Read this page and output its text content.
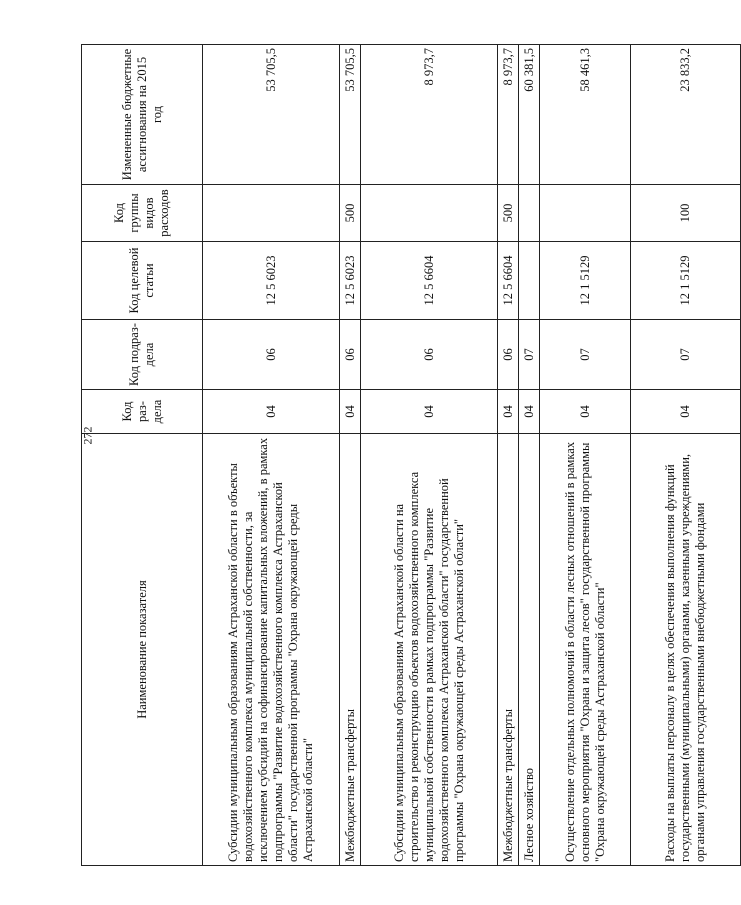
272
Наименование показателя	Код раз-дела	Код подраз-дела	Код целевой статьи	Код группы видов расходов	Измененные бюджетные ассигнования на 2015 год
Субсидии муниципальным образованиям Астраханской области в объекты водохозяйственного комплекса муниципальной собственности, за исключением субсидий на софинансирование капитальных вложений, в рамках подпрограммы "Развитие водохозяйственного комплекса Астраханской области" государственной программы "Охрана окружающей среды Астраханской области"	04	06	12 5 6023		53 705,5
Межбюджетные трансферты	04	06	12 5 6023	500	53 705,5
Субсидии муниципальным образованиям Астраханской области на строительство и реконструкцию объектов водохозяйственного комплекса муниципальной собственности в рамках подпрограммы "Развитие водохозяйственного комплекса Астраханской области" государственной программы "Охрана окружающей среды Астраханской области"	04	06	12 5 6604		8 973,7
Межбюджетные трансферты	04	06	12 5 6604	500	8 973,7
Лесное хозяйство	04	07			60 381,5
Осуществление отдельных полномочий в области лесных отношений в рамках основного мероприятия "Охрана и защита лесов" государственной программы "Охрана окружающей среды Астраханской области"	04	07	12 1 5129		58 461,3
Расходы на выплаты персоналу в целях обеспечения выполнения функций государственными (муниципальными) органами, казенными учреждениями, органами управления государственными внебюджетными фондами	04	07	12 1 5129	100	23 833,2
